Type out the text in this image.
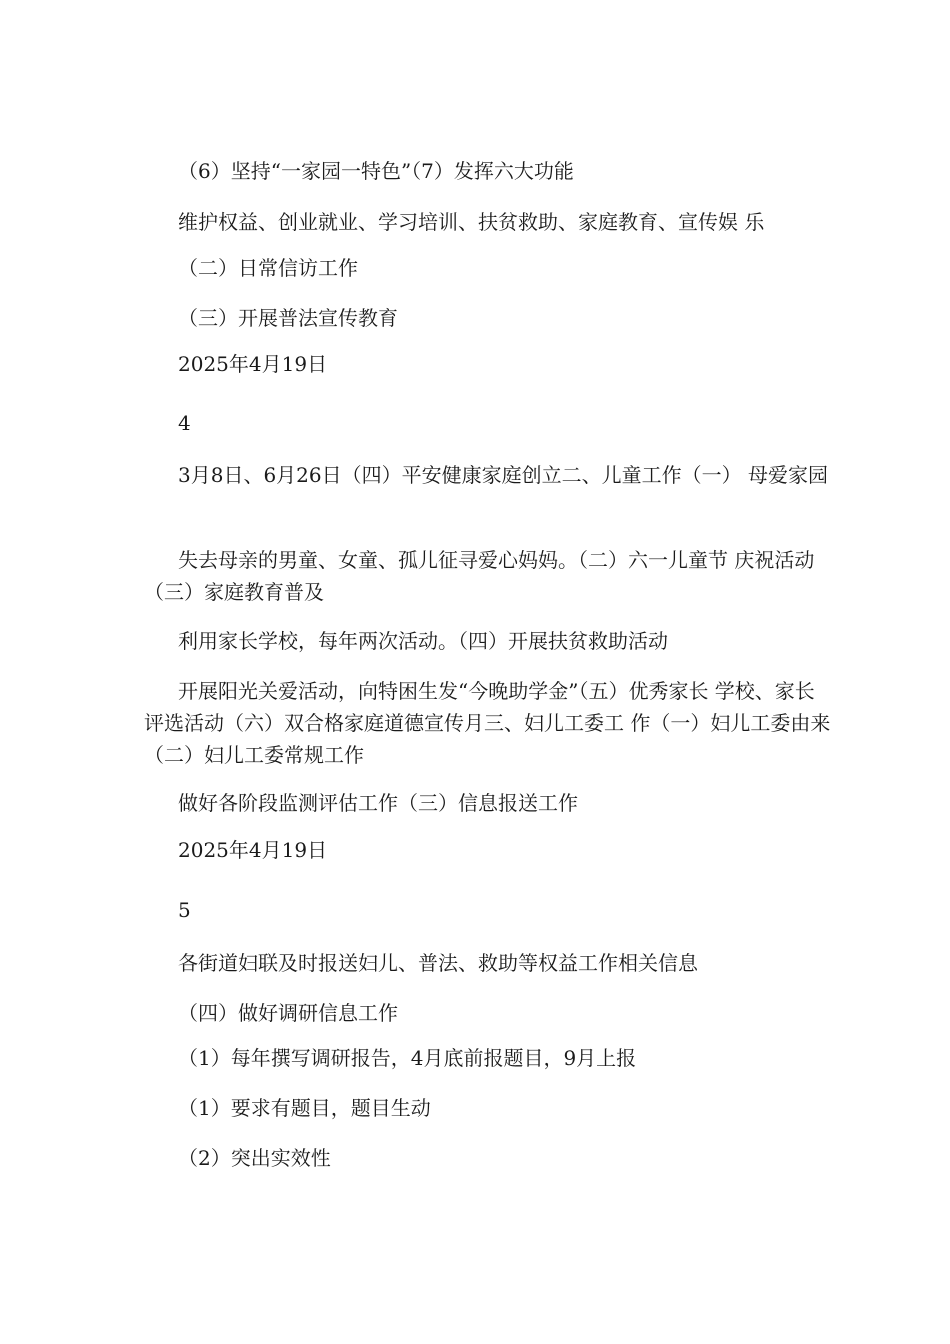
（6）坚持“一家园一特色”（7）发挥六大功能
维护权益、创业就业、学习培训、扶贫救助、家庭教育、宣传娱 乐
（二）日常信访工作
（三）开展普法宣传教育
2025年4月19日
4
3月8日、6月26日（四）平安健康家庭创立二、儿童工作（一） 母爱家园
失去母亲的男童、女童、孤儿征寻爱心妈妈。（二）六一儿童节 庆祝活动（三）家庭教育普及
利用家长学校，每年两次活动。（四）开展扶贫救助活动
开展阳光关爱活动，向特困生发“今晚助学金”（五）优秀家长 学校、家长评选活动（六）双合格家庭道德宣传月三、妇儿工委工 作（一）妇儿工委由来（二）妇儿工委常规工作
做好各阶段监测评估工作（三）信息报送工作
2025年4月19日
5
各街道妇联及时报送妇儿、普法、救助等权益工作相关信息
（四）做好调研信息工作
（1）每年撰写调研报告，4月底前报题目，9月上报
（1）要求有题目，题目生动
（2）突出实效性
